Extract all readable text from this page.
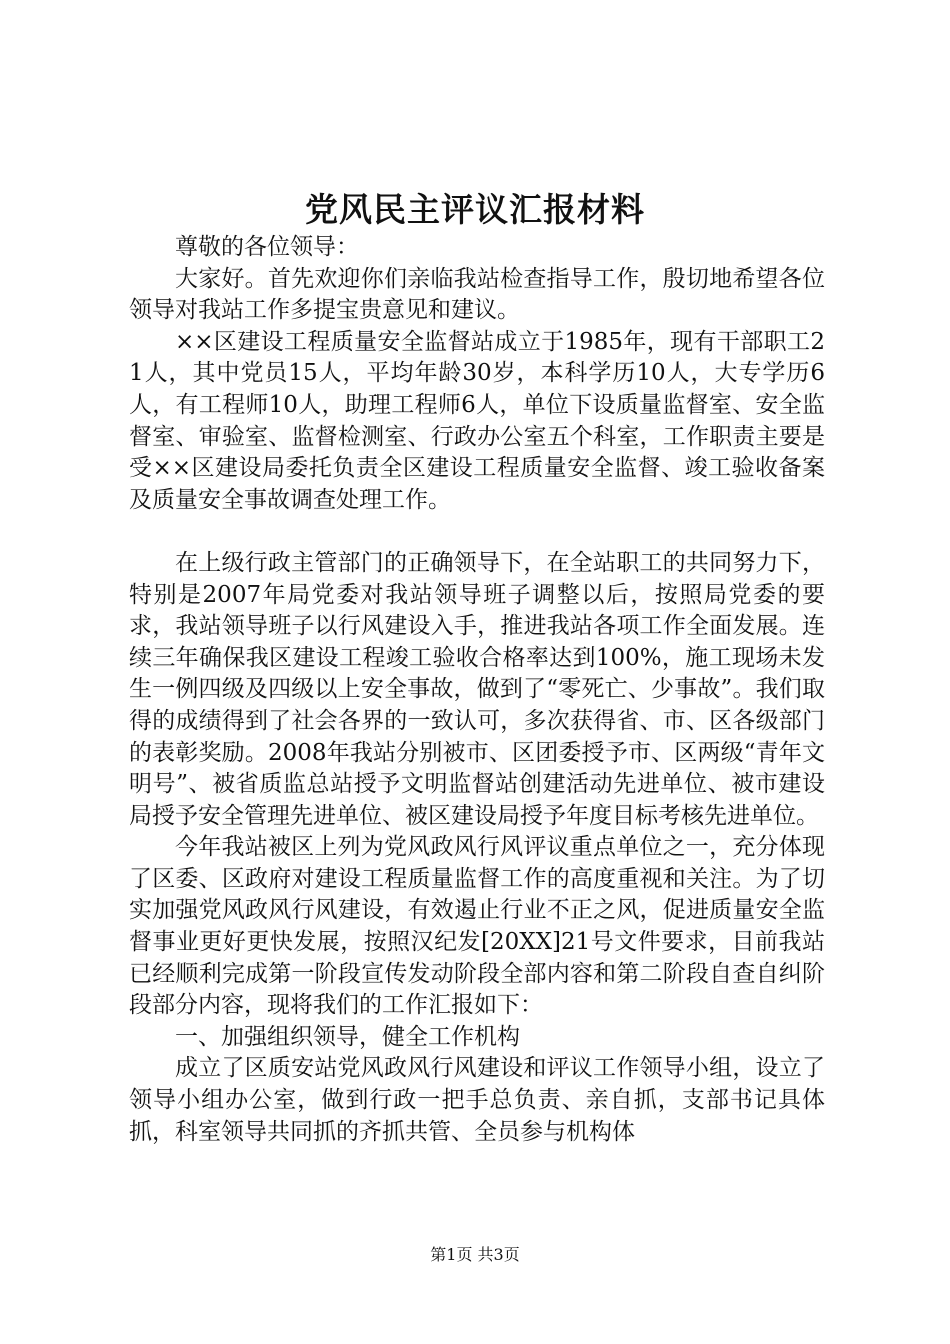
党风民主评议汇报材料

尊敬的各位领导：

大家好。首先欢迎你们亲临我站检查指导工作，殷切地希望各位领导对我站工作多提宝贵意见和建议。

××区建设工程质量安全监督站成立于1985年，现有干部职工21人，其中党员15人，平均年龄30岁，本科学历10人，大专学历6人，有工程师10人，助理工程师6人，单位下设质量监督室、安全监督室、审验室、监督检测室、行政办公室五个科室，工作职责主要是受××区建设局委托负责全区建设工程质量安全监督、竣工验收备案及质量安全事故调查处理工作。

在上级行政主管部门的正确领导下，在全站职工的共同努力下，特别是2007年局党委对我站领导班子调整以后，按照局党委的要求，我站领导班子以行风建设入手，推进我站各项工作全面发展。连续三年确保我区建设工程竣工验收合格率达到100%，施工现场未发生一例四级及四级以上安全事故，做到了“零死亡、少事故”。我们取得的成绩得到了社会各界的一致认可，多次获得省、市、区各级部门的表彰奖励。2008年我站分别被市、区团委授予市、区两级“青年文明号”、被省质监总站授予文明监督站创建活动先进单位、被市建设局授予安全管理先进单位、被区建设局授予年度目标考核先进单位。

今年我站被区上列为党风政风行风评议重点单位之一，充分体现了区委、区政府对建设工程质量监督工作的高度重视和关注。为了切实加强党风政风行风建设，有效遏止行业不正之风，促进质量安全监督事业更好更快发展，按照汉纪发[20XX]21号文件要求，目前我站已经顺利完成第一阶段宣传发动阶段全部内容和第二阶段自查自纠阶段部分内容，现将我们的工作汇报如下：

一、加强组织领导，健全工作机构

成立了区质安站党风政风行风建设和评议工作领导小组，设立了领导小组办公室，做到行政一把手总负责、亲自抓，支部书记具体抓，科室领导共同抓的齐抓共管、全员参与机构体

第1页 共3页
